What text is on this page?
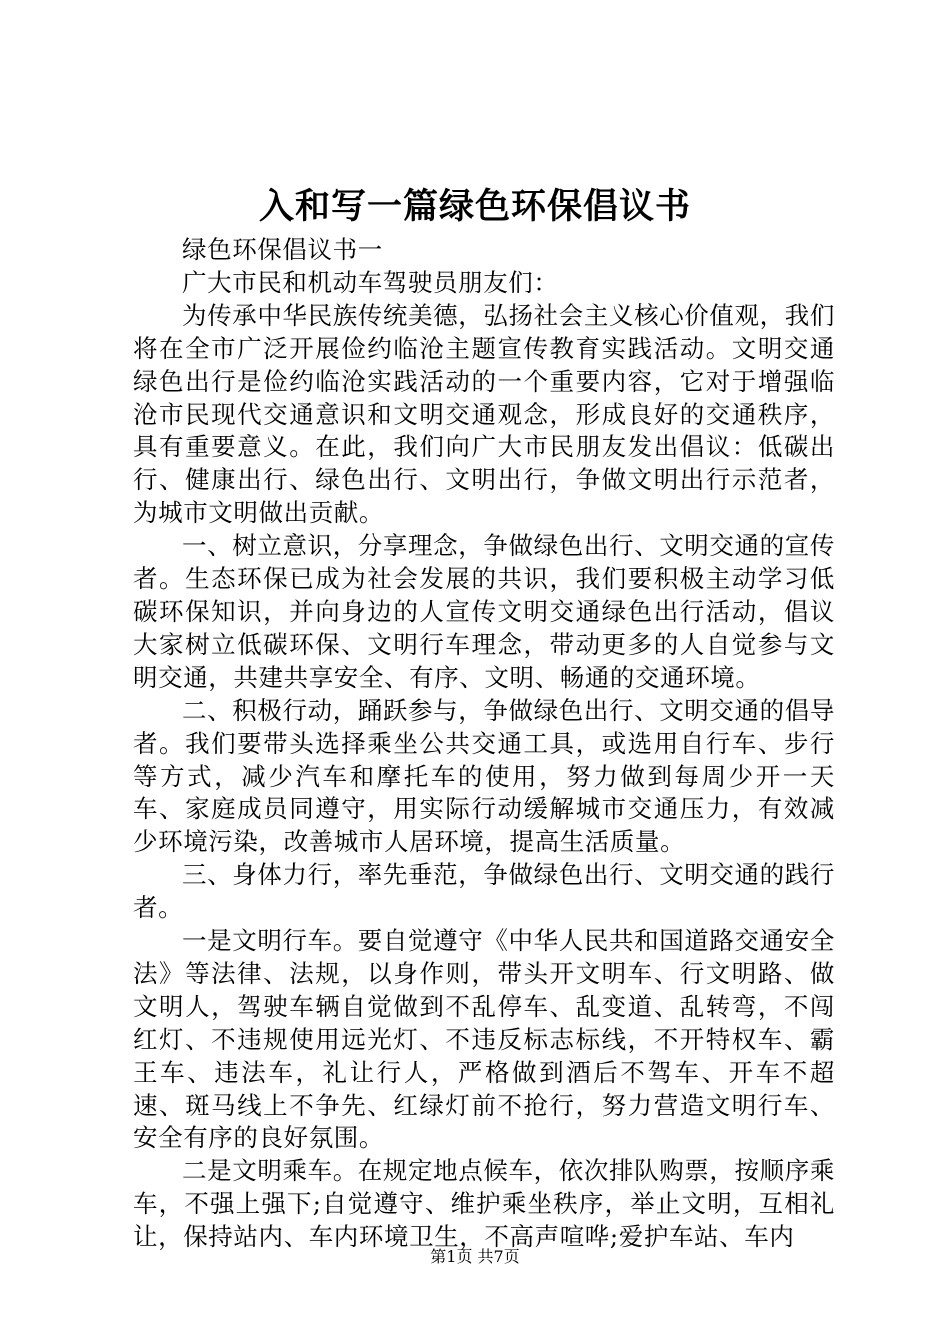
入和写一篇绿色环保倡议书

绿色环保倡议书一

广大市民和机动车驾驶员朋友们：

为传承中华民族传统美德，弘扬社会主义核心价值观，我们将在全市广泛开展俭约临沧主题宣传教育实践活动。文明交通绿色出行是俭约临沧实践活动的一个重要内容，它对于增强临沧市民现代交通意识和文明交通观念，形成良好的交通秩序，具有重要意义。在此，我们向广大市民朋友发出倡议：低碳出行、健康出行、绿色出行、文明出行，争做文明出行示范者，为城市文明做出贡献。

一、树立意识，分享理念，争做绿色出行、文明交通的宣传者。生态环保已成为社会发展的共识，我们要积极主动学习低碳环保知识，并向身边的人宣传文明交通绿色出行活动，倡议大家树立低碳环保、文明行车理念，带动更多的人自觉参与文明交通，共建共享安全、有序、文明、畅通的交通环境。

二、积极行动，踊跃参与，争做绿色出行、文明交通的倡导者。我们要带头选择乘坐公共交通工具，或选用自行车、步行等方式，减少汽车和摩托车的使用，努力做到每周少开一天车、家庭成员同遵守，用实际行动缓解城市交通压力，有效减少环境污染，改善城市人居环境，提高生活质量。

三、身体力行，率先垂范，争做绿色出行、文明交通的践行者。

一是文明行车。要自觉遵守《中华人民共和国道路交通安全法》等法律、法规，以身作则，带头开文明车、行文明路、做文明人，驾驶车辆自觉做到不乱停车、乱变道、乱转弯，不闯红灯、不违规使用远光灯、不违反标志标线，不开特权车、霸王车、违法车，礼让行人，严格做到酒后不驾车、开车不超速、斑马线上不争先、红绿灯前不抢行，努力营造文明行车、安全有序的良好氛围。

二是文明乘车。在规定地点候车，依次排队购票，按顺序乘车，不强上强下;自觉遵守、维护乘坐秩序，举止文明，互相礼让，保持站内、车内环境卫生，不高声喧哗;爱护车站、车内

第1页 共7页
